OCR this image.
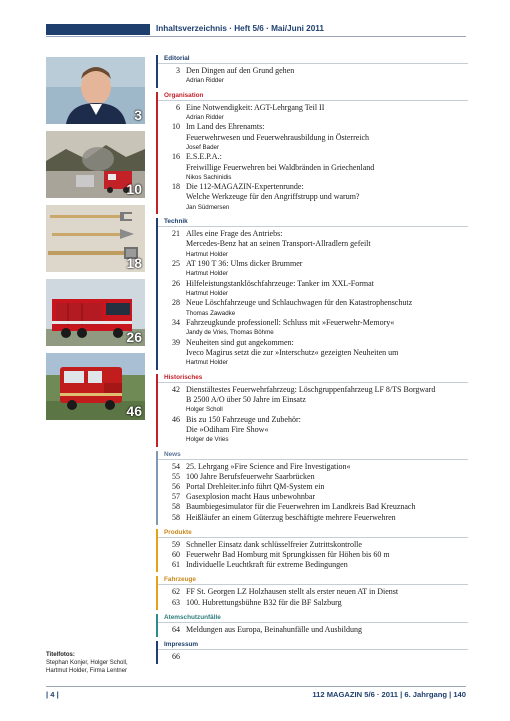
Inhaltsverzeichnis · Heft 5/6 · Mai/Juni 2011
3
10
18
26
46
Titelfotos:
Stephan Konjer, Holger Scholl,
Hartmut Holder, Firma Lentner
Editorial
3 Den Dingen auf den Grund gehen
Adrian Ridder
Organisation
6 Eine Notwendigkeit: AGT-Lehrgang Teil II
Adrian Ridder
10 Im Land des Ehrenamts:
Feuerwehrwesen und Feuerwehrausbildung in Österreich
Josef Bader
16 E.S.E.P.A.:
Freiwillige Feuerwehren bei Waldbränden in Griechenland
Nikos Sachinidis
18 Die 112-MAGAZIN-Expertenrunde:
Welche Werkzeuge für den Angriffstrupp und warum?
Jan Südmersen
Technik
21 Alles eine Frage des Antriebs:
Mercedes-Benz hat an seinen Transport-Allradlern gefeilt
Hartmut Holder
25 AT 190 T 36: Ulms dicker Brummer
Hartmut Holder
26 Hilfeleistungstanklöschfahrzeuge: Tanker im XXL-Format
Hartmut Holder
28 Neue Löschfahrzeuge und Schlauchwagen für den Katastrophenschutz
Thomas Zawadke
34 Fahrzeugkunde professionell: Schluss mit »Feuerwehr-Memory«
Jandy de Vries, Thomas Böhme
39 Neuheiten sind gut angekommen:
Iveco Magirus setzt die zur »Interschutz« gezeigten Neuheiten um
Hartmut Holder
Historisches
42 Dienstältestes Feuerwehrfahrzeug: Löschgruppenfahrzeug LF 8/TS Borgward
B 2500 A/O über 50 Jahre im Einsatz
Holger Scholl
46 Bis zu 150 Fahrzeuge und Zubehör:
Die »Odiham Fire Show«
Holger de Vries
News
54 25. Lehrgang »Fire Science and Fire Investigation«
55 100 Jahre Berufsfeuerwehr Saarbrücken
56 Portal Drehleiter.info führt QM-System ein
57 Gasexplosion macht Haus unbewohnbar
58 Baumbiegesimulator für die Feuerwehren im Landkreis Bad Kreuznach
58 Heißläufer an einem Güterzug beschäftigte mehrere Feuerwehren
Produkte
59 Schneller Einsatz dank schlüsselfreier Zutrittskontrolle
60 Feuerwehr Bad Homburg mit Sprungkissen für Höhen bis 60 m
61 Individuelle Leuchtkraft für extreme Bedingungen
Fahrzeuge
62 FF St. Georgen LZ Holzhausen stellt als erster neuen AT in Dienst
63 100. Hubrettungsbühne B32 für die BF Salzburg
Atemschutzunfälle
64 Meldungen aus Europa, Beinahunfälle und Ausbildung
Impressum
66
| 4 |	112 MAGAZIN 5/6 · 2011 | 6. Jahrgang | 140
